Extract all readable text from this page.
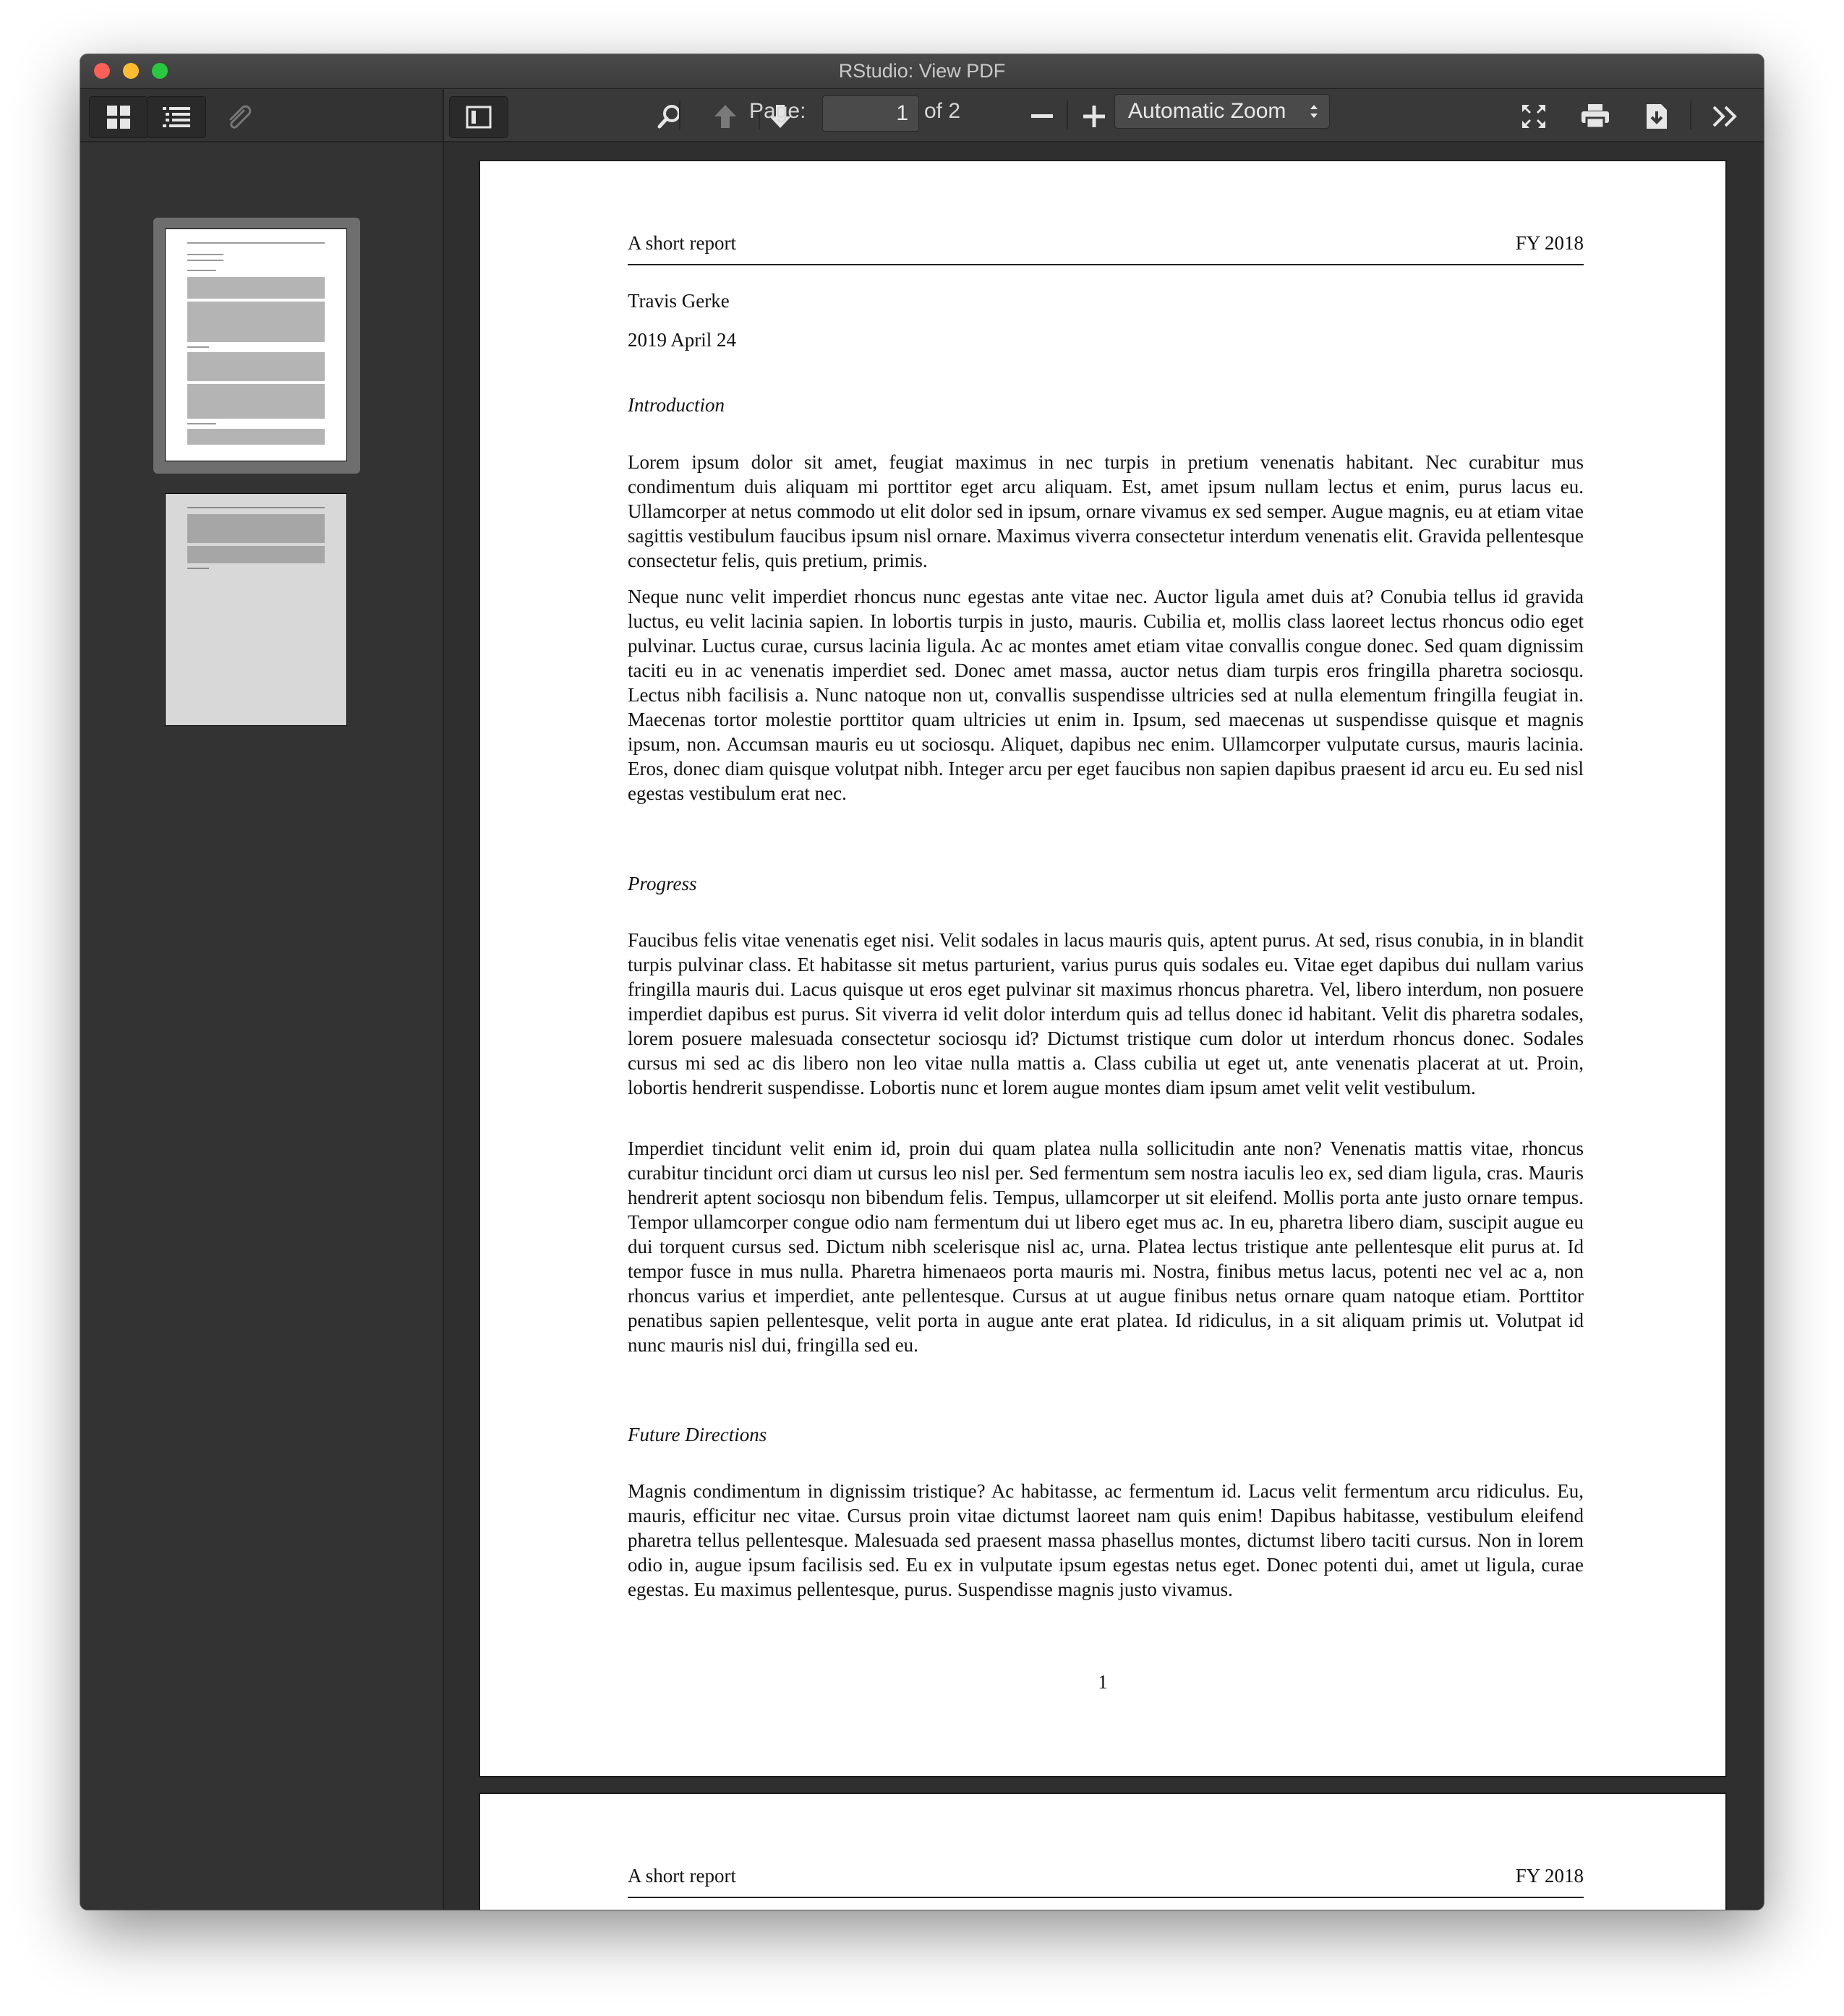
RStudio: View PDF
Page:	1 of 2	Automatic Zoom
A short report	FY 2018
Travis Gerke
2019 April 24
Introduction
Lorem ipsum dolor sit amet, feugiat maximus in nec turpis in pretium venenatis habitant. Nec curabitur mus condimentum duis aliquam mi porttitor eget arcu aliquam. Est, amet ipsum nullam lectus et enim, purus lacus eu. Ullamcorper at netus commodo ut elit dolor sed in ipsum, ornare vivamus ex sed semper. Augue magnis, eu at etiam vitae sagittis vestibulum faucibus ipsum nisl ornare. Maximus viverra consectetur interdum venenatis elit. Gravida pellentesque consectetur felis, quis pretium, primis.
Neque nunc velit imperdiet rhoncus nunc egestas ante vitae nec. Auctor ligula amet duis at? Conubia tellus id gravida luctus, eu velit lacinia sapien. In lobortis turpis in justo, mauris. Cubilia et, mollis class laoreet lectus rhoncus odio eget pulvinar. Luctus curae, cursus lacinia ligula. Ac ac montes amet etiam vitae convallis congue donec. Sed quam dignissim taciti eu in ac venenatis imperdiet sed. Donec amet massa, auctor netus diam turpis eros fringilla pharetra sociosqu. Lectus nibh facilisis a. Nunc natoque non ut, convallis suspendisse ultricies sed at nulla elementum fringilla feugiat in. Maecenas tortor molestie porttitor quam ultricies ut enim in. Ipsum, sed maecenas ut suspendisse quisque et magnis ipsum, non. Accumsan mauris eu ut sociosqu. Aliquet, dapibus nec enim. Ullamcorper vulputate cursus, mauris lacinia. Eros, donec diam quisque volutpat nibh. Integer arcu per eget faucibus non sapien dapibus praesent id arcu eu. Eu sed nisl egestas vestibulum erat nec.
Progress
Faucibus felis vitae venenatis eget nisi. Velit sodales in lacus mauris quis, aptent purus. At sed, risus conubia, in in blandit turpis pulvinar class. Et habitasse sit metus parturient, varius purus quis sodales eu. Vitae eget dapibus dui nullam varius fringilla mauris dui. Lacus quisque ut eros eget pulvinar sit maximus rhoncus pharetra. Vel, libero interdum, non posuere imperdiet dapibus est purus. Sit viverra id velit dolor interdum quis ad tellus donec id habitant. Velit dis pharetra sodales, lorem posuere malesuada consectetur sociosqu id? Dictumst tristique cum dolor ut interdum rhoncus donec. Sodales cursus mi sed ac dis libero non leo vitae nulla mattis a. Class cubilia ut eget ut, ante venenatis placerat at ut. Proin, lobortis hendrerit suspendisse. Lobortis nunc et lorem augue montes diam ipsum amet velit velit vestibulum.
Imperdiet tincidunt velit enim id, proin dui quam platea nulla sollicitudin ante non? Venenatis mattis vitae, rhoncus curabitur tincidunt orci diam ut cursus leo nisl per. Sed fermentum sem nostra iaculis leo ex, sed diam ligula, cras. Mauris hendrerit aptent sociosqu non bibendum felis. Tempus, ullamcorper ut sit eleifend. Mollis porta ante justo ornare tempus. Tempor ullamcorper congue odio nam fermentum dui ut libero eget mus ac. In eu, pharetra libero diam, suscipit augue eu dui torquent cursus sed. Dictum nibh scelerisque nisl ac, urna. Platea lectus tristique ante pellentesque elit purus at. Id tempor fusce in mus nulla. Pharetra himenaeos porta mauris mi. Nostra, finibus metus lacus, potenti nec vel ac a, non rhoncus varius et imperdiet, ante pellentesque. Cursus at ut augue finibus netus ornare quam natoque etiam. Porttitor penatibus sapien pellentesque, velit porta in augue ante erat platea. Id ridiculus, in a sit aliquam primis ut. Volutpat id nunc mauris nisl dui, fringilla sed eu.
Future Directions
Magnis condimentum in dignissim tristique? Ac habitasse, ac fermentum id. Lacus velit fermentum arcu ridiculus. Eu, mauris, efficitur nec vitae. Cursus proin vitae dictumst laoreet nam quis enim! Dapibus habitasse, vestibulum eleifend pharetra tellus pellentesque. Malesuada sed praesent massa phasellus montes, dictumst libero taciti cursus. Non in lorem odio in, augue ipsum facilisis sed. Eu ex in vulputate ipsum egestas netus eget. Donec potenti dui, amet ut ligula, curae egestas. Eu maximus pellentesque, purus. Suspendisse magnis justo vivamus.
1
A short report	FY 2018
